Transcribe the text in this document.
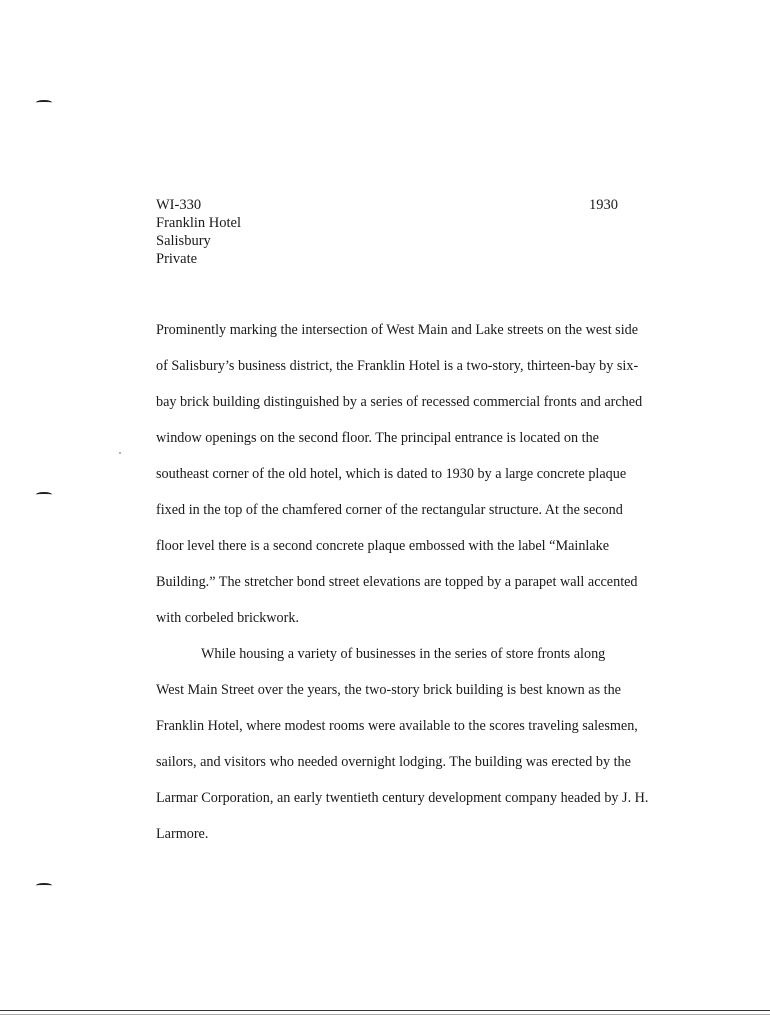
WI-330
Franklin Hotel
Salisbury
Private
1930
Prominently marking the intersection of West Main and Lake streets on the west side
of Salisbury’s business district, the Franklin Hotel is a two-story, thirteen-bay by six-
bay brick building distinguished by a series of recessed commercial fronts and arched
window openings on the second floor. The principal entrance is located on the
southeast corner of the old hotel, which is dated to 1930 by a large concrete plaque
fixed in the top of the chamfered corner of the rectangular structure. At the second
floor level there is a second concrete plaque embossed with the label “Mainlake
Building.” The stretcher bond street elevations are topped by a parapet wall accented
with corbeled brickwork.
While housing a variety of businesses in the series of store fronts along
West Main Street over the years, the two-story brick building is best known as the
Franklin Hotel, where modest rooms were available to the scores traveling salesmen,
sailors, and visitors who needed overnight lodging. The building was erected by the
Larmar Corporation, an early twentieth century development company headed by J. H.
Larmore.
